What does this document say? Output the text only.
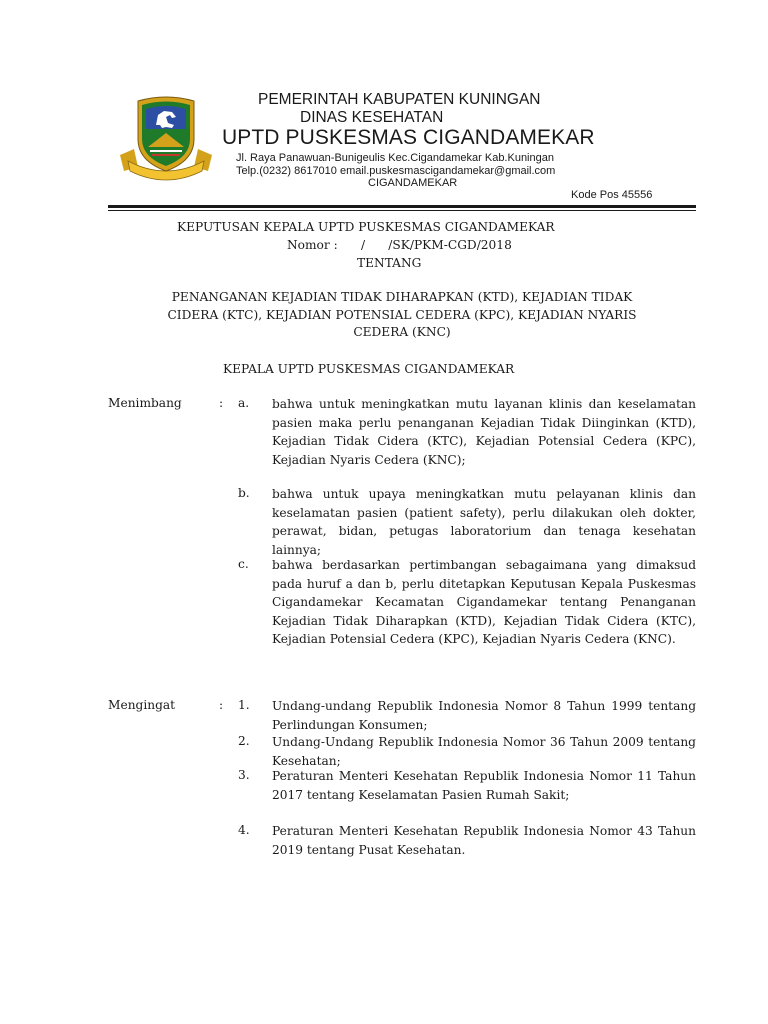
PEMERINTAH KABUPATEN KUNINGAN
DINAS KESEHATAN
UPTD PUSKESMAS CIGANDAMEKAR
Jl. Raya Panawuan-Bunigeulis Kec.Cigandamekar Kab.Kuningan
Telp.(0232) 8617010 email.puskesmascigandamekar@gmail.com
CIGANDAMEKAR
Kode Pos 45556
KEPUTUSAN KEPALA UPTD PUSKESMAS CIGANDAMEKAR
Nomor :      /      /SK/PKM-CGD/2018
TENTANG
PENANGANAN KEJADIAN TIDAK DIHARAPKAN (KTD), KEJADIAN TIDAK
CIDERA (KTC), KEJADIAN POTENSIAL CEDERA (KPC), KEJADIAN NYARIS
CEDERA (KNC)
KEPALA UPTD PUSKESMAS CIGANDAMEKAR
Menimbang	: a. bahwa untuk meningkatkan mutu layanan klinis dan keselamatan pasien maka perlu penanganan Kejadian Tidak Diinginkan (KTD), Kejadian Tidak Cidera (KTC), Kejadian Potensial Cedera (KPC), Kejadian Nyaris Cedera (KNC);
b. bahwa untuk upaya meningkatkan mutu pelayanan klinis dan keselamatan pasien (patient safety), perlu dilakukan oleh dokter, perawat, bidan, petugas laboratorium dan tenaga kesehatan lainnya;
c. bahwa berdasarkan pertimbangan sebagaimana yang dimaksud pada huruf a dan b, perlu ditetapkan Keputusan Kepala Puskesmas Cigandamekar Kecamatan Cigandamekar tentang Penanganan Kejadian Tidak Diharapkan (KTD), Kejadian Tidak Cidera (KTC), Kejadian Potensial Cedera (KPC), Kejadian Nyaris Cedera (KNC).
Mengingat	: 1. Undang-undang Republik Indonesia Nomor 8 Tahun 1999 tentang Perlindungan Konsumen;
2. Undang-Undang Republik Indonesia Nomor 36 Tahun 2009 tentang Kesehatan;
3. Peraturan Menteri Kesehatan Republik Indonesia Nomor 11 Tahun 2017 tentang Keselamatan Pasien Rumah Sakit;
4. Peraturan Menteri Kesehatan Republik Indonesia Nomor 43 Tahun 2019 tentang Pusat Kesehatan.
